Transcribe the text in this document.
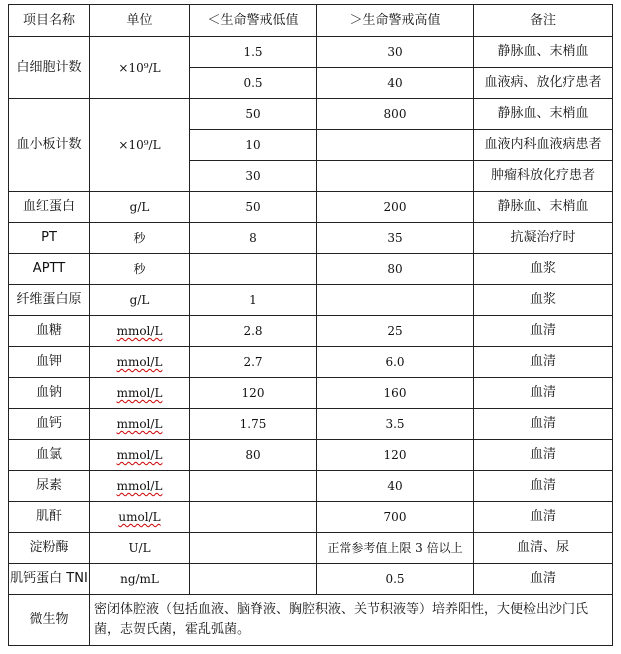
项目名称	单位	＜生命警戒低值	＞生命警戒高值	备注
白细胞计数	×10⁹/L	1.5	30	静脉血、末梢血
		0.5	40	血液病、放化疗患者
血小板计数	×10⁹/L	50	800	静脉血、末梢血
		10		血液内科血液病患者
		30		肿瘤科放化疗患者
血红蛋白	g/L	50	200	静脉血、末梢血
PT	秒	8	35	抗凝治疗时
APTT	秒		80	血浆
纤维蛋白原	g/L	1		血浆
血糖	mmol/L	2.8	25	血清
血钾	mmol/L	2.7	6.0	血清
血钠	mmol/L	120	160	血清
血钙	mmol/L	1.75	3.5	血清
血氯	mmol/L	80	120	血清
尿素	mmol/L		40	血清
肌酐	umol/L		700	血清
淀粉酶	U/L		正常参考值上限 3 倍以上	血清、尿
肌钙蛋白 TNI	ng/mL		0.5	血清
微生物	密闭体腔液（包括血液、脑脊液、胸腔积液、关节积液等）培养阳性，大便检出沙门氏菌，志贺氏菌，霍乱弧菌。			
